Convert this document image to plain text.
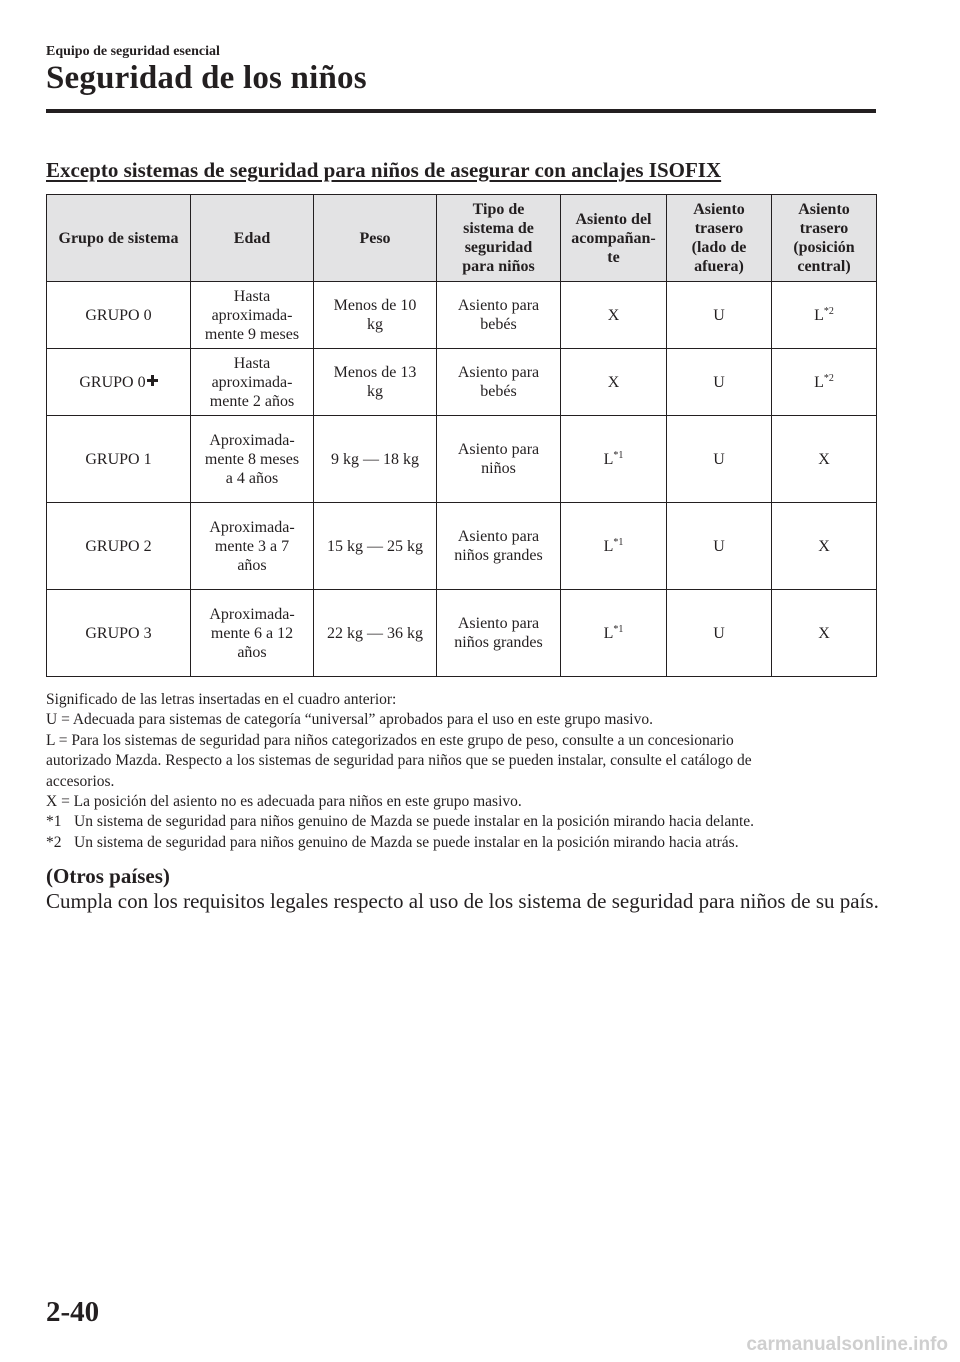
Equipo de seguridad esencial
Seguridad de los niños
Excepto sistemas de seguridad para niños de asegurar con anclajes ISOFIX
Grupo de sistema	Edad	Peso	Tipo de
sistema de
seguridad
para niños	Asiento del
acompañan-
te	Asiento
trasero
(lado de
afuera)	Asiento
trasero
(posición
central)

GRUPO 0	Hasta
aproximada-
mente 9 meses	Menos de 10
kg	Asiento para
bebés	X	U	$L^{*2}$
GRUPO 0	Hasta
aproximada-
mente 2 años	Menos de 13
kg	Asiento para
bebés	X	U	$L^{*2}$
GRUPO 1	Aproximada-
mente 8 meses
a 4 años	9 kg ― 18 kg	Asiento para
niños	$L^{*1}$	U	X
GRUPO 2	Aproximada-
mente 3 a 7
años	15 kg ― 25 kg	Asiento para
niños grandes	$L^{*1}$	U	X
GRUPO 3	Aproximada-
mente 6 a 12
años	22 kg ― 36 kg	Asiento para
niños grandes	$L^{*1}$	U	X

Significado de las letras insertadas en el cuadro anterior:

U = Adecuada para sistemas de categoría “universal” aprobados para el uso en este grupo masivo.

L = Para los sistemas de seguridad para niños categorizados en este grupo de peso, consulte a un concesionario

autorizado Mazda. Respecto a los sistemas de seguridad para niños que se pueden instalar, consulte el catálogo de

accesorios.

X = La posición del asiento no es adecuada para niños en este grupo masivo.

*1 Un sistema de seguridad para niños genuino de Mazda se puede instalar en la posición mirando hacia delante.

*2 Un sistema de seguridad para niños genuino de Mazda se puede instalar en la posición mirando hacia atrás.

(Otros países)
Cumpla con los requisitos legales respecto al uso de los sistema de seguridad para niños de su país.
2-40
carmanualsonline.info
